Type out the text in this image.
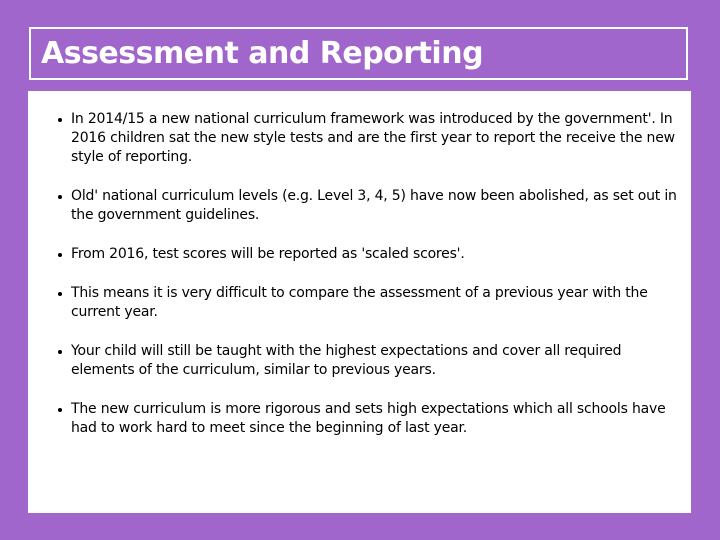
Assessment and Reporting
In 2014/15 a new national curriculum framework was introduced by the government'. In 2016 children sat the new style tests and are the first year to report the receive the new style of reporting.
Old' national curriculum levels (e.g. Level 3, 4, 5) have now been abolished, as set out in the government guidelines.
From 2016, test scores will be reported as 'scaled scores'.
This means it is very difficult to compare the assessment of a previous year with the current year.
Your child will still be taught with the highest expectations and cover all required elements of the curriculum, similar to previous years.
The new curriculum is more rigorous and sets high expectations which all schools have had to work hard to meet since the beginning of last year.
